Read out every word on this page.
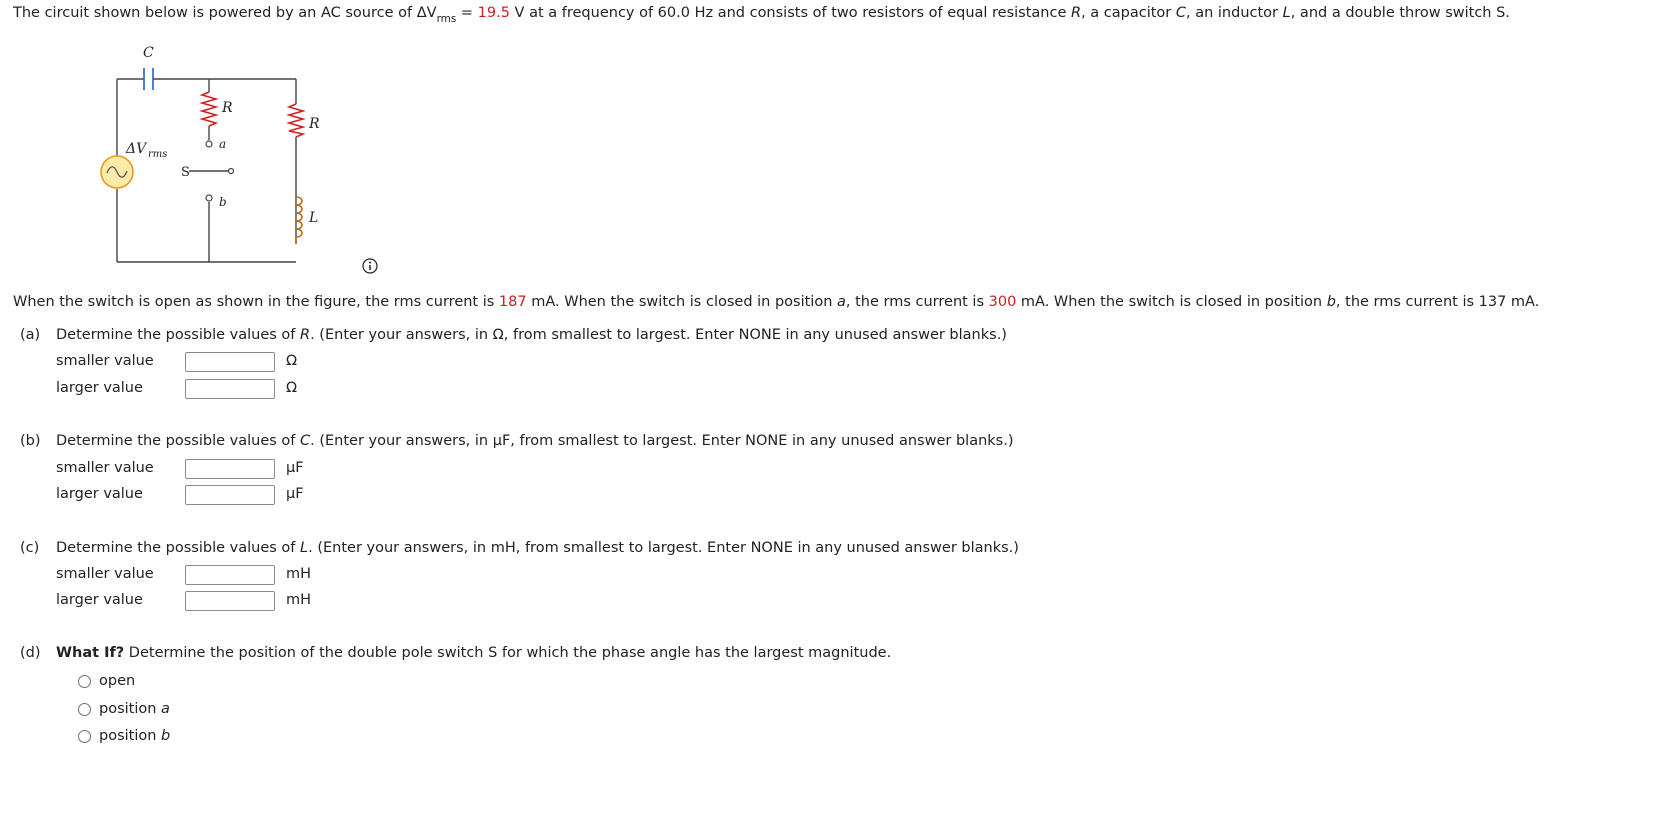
The circuit shown below is powered by an AC source of $\Delta V_{rms} = 19.5$ V at a frequency of 60.0 Hz and consists of two resistors of equal resistance R, a capacitor C, an inductor L, and a double throw switch S.
C
R
R
L
ΔV rms
S
a
b
When the switch is open as shown in the figure, the rms current is 187 mA. When the switch is closed in position a, the rms current is 300 mA. When the switch is closed in position b, the rms current is 137 mA.
(a) Determine the possible values of R. (Enter your answers, in Ω, from smallest to largest. Enter NONE in any unused answer blanks.)
smaller value	Ω
larger value	Ω
(b) Determine the possible values of C. (Enter your answers, in µF, from smallest to largest. Enter NONE in any unused answer blanks.)
smaller value	µF
larger value	µF
(c) Determine the possible values of L. (Enter your answers, in mH, from smallest to largest. Enter NONE in any unused answer blanks.)
smaller value	mH
larger value	mH
(d) What If? Determine the position of the double pole switch S for which the phase angle has the largest magnitude.
open
position a
position b
